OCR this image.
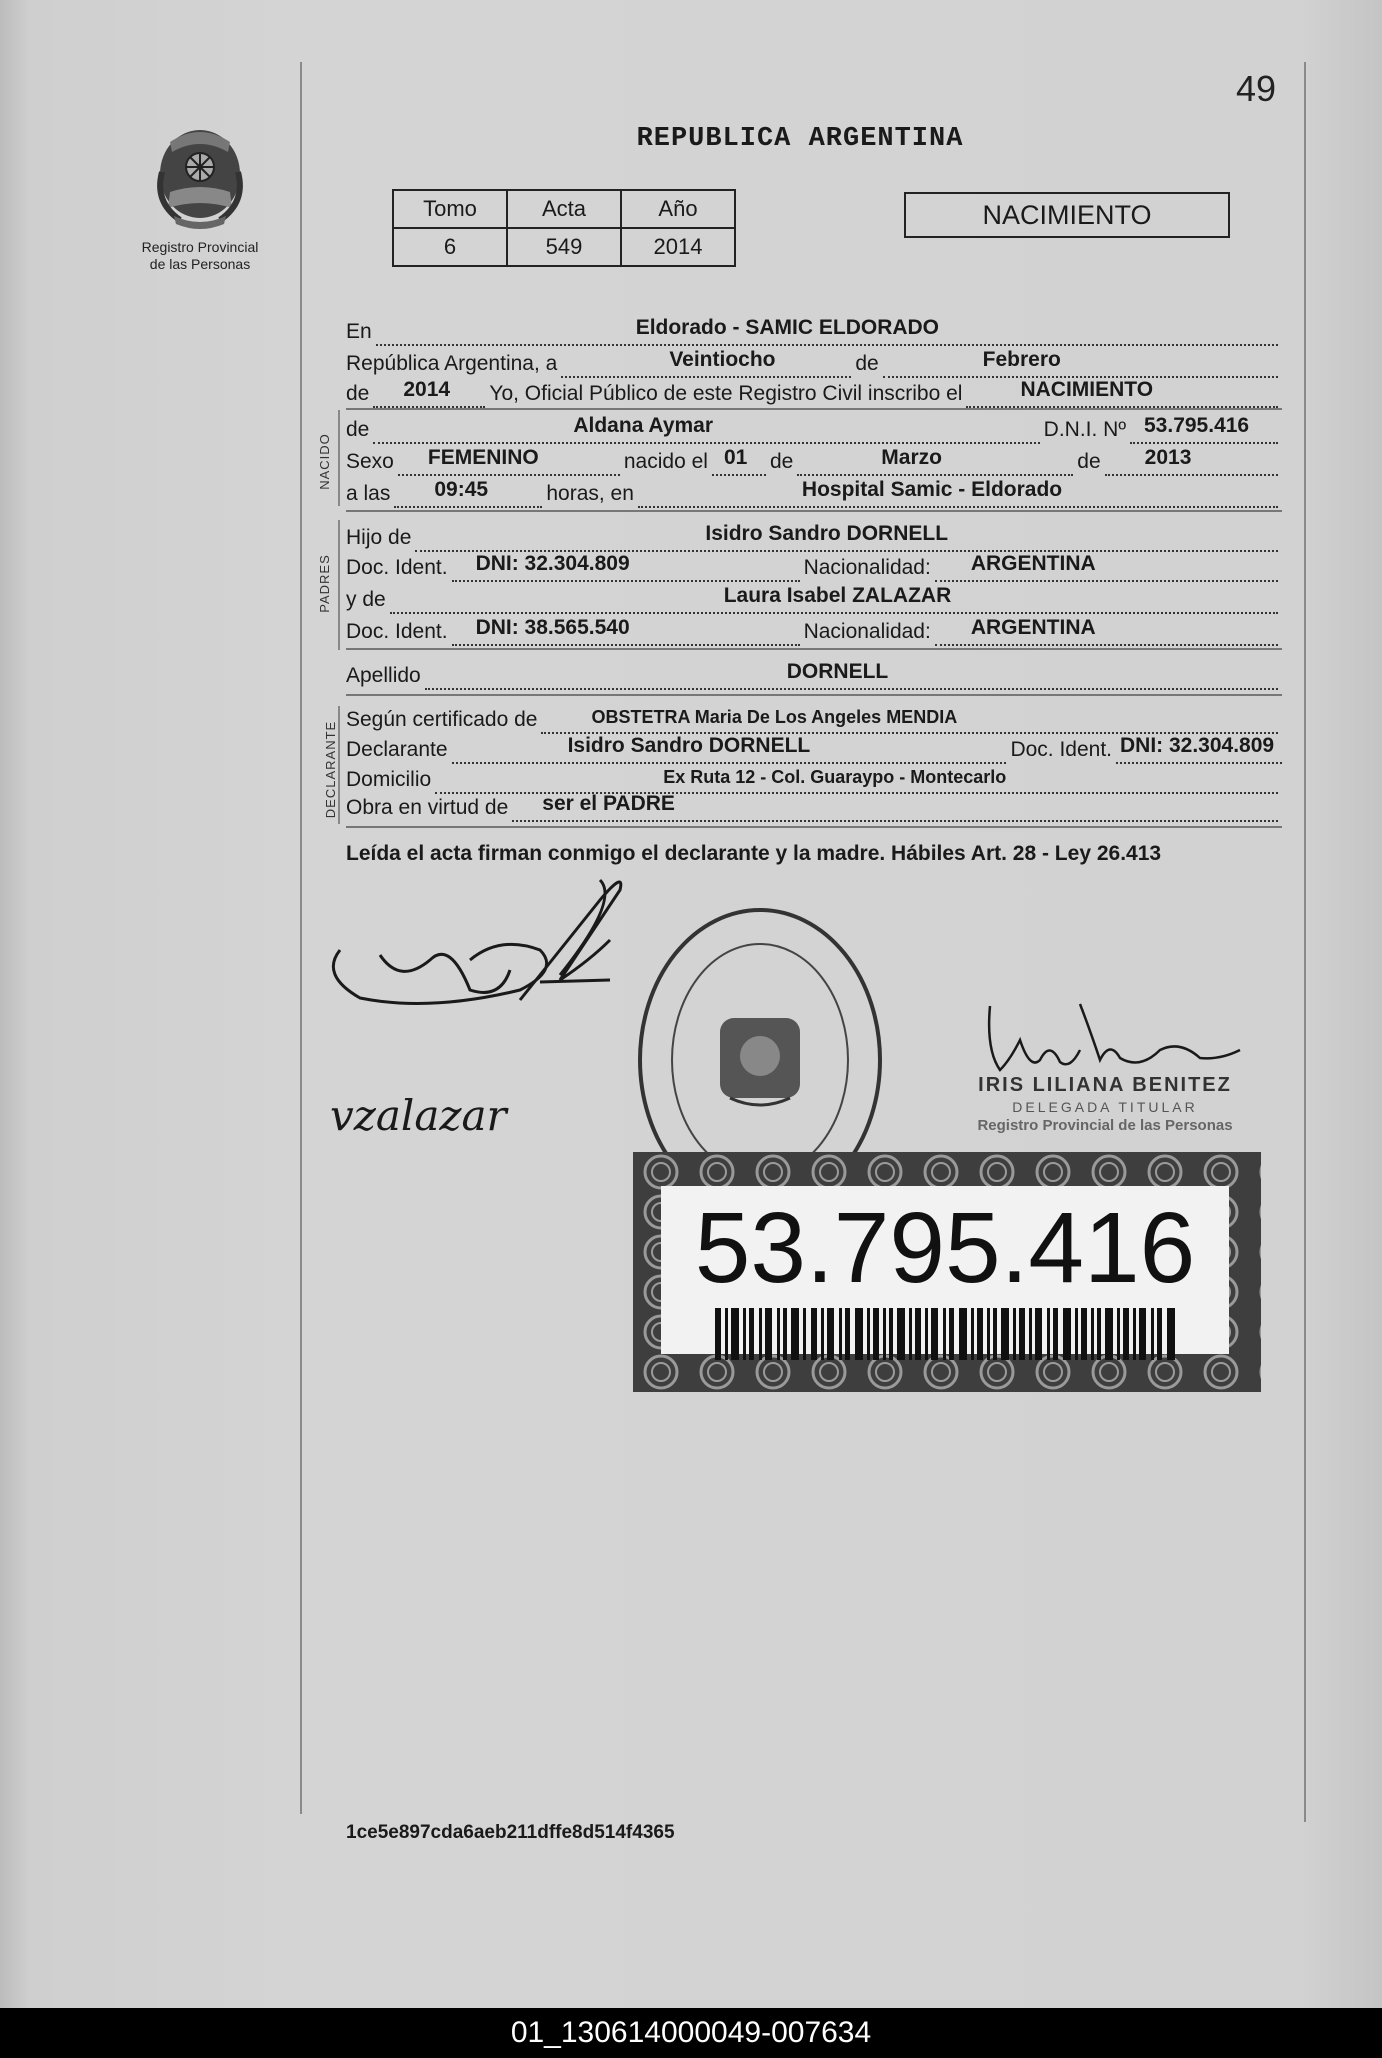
49
Registro Provincial
de las Personas
REPUBLICA ARGENTINA
Tomo	Acta	Año
6	549	2014
NACIMIENTO
NACIDO
PADRES
DECLARANTE
En	Eldorado - SAMIC ELDORADO
República Argentina, a	Veintiocho	de	Febrero
de 2014 Yo, Oficial Público de este Registro Civil inscribo el	NACIMIENTO
de	Aldana Aymar	D.N.I. Nº 53.795.416
Sexo FEMENINO	nacido el 01 de	Marzo	de 2013
a las 09:45	horas, en	Hospital Samic - Eldorado
Hijo de	Isidro Sandro DORNELL
Doc. Ident. DNI: 32.304.809	Nacionalidad: ARGENTINA
y de	Laura Isabel ZALAZAR
Doc. Ident. DNI: 38.565.540	Nacionalidad: ARGENTINA
Apellido	DORNELL
Según certificado de	OBSTETRA Maria De Los Angeles MENDIA
Declarante	Isidro Sandro DORNELL	Doc. Ident. DNI: 32.304.809
Domicilio	Ex Ruta 12 - Col. Guaraypo - Montecarlo
Obra en virtud de ser el PADRE
Leída el acta firman conmigo el declarante y la madre. Hábiles Art. 28 - Ley 26.413
vzalazar
IRIS LILIANA BENITEZ
DELEGADA TITULAR
Registro Provincial de las Personas
53.795.416
1ce5e897cda6aeb211dffe8d514f4365
01_130614000049-007634
